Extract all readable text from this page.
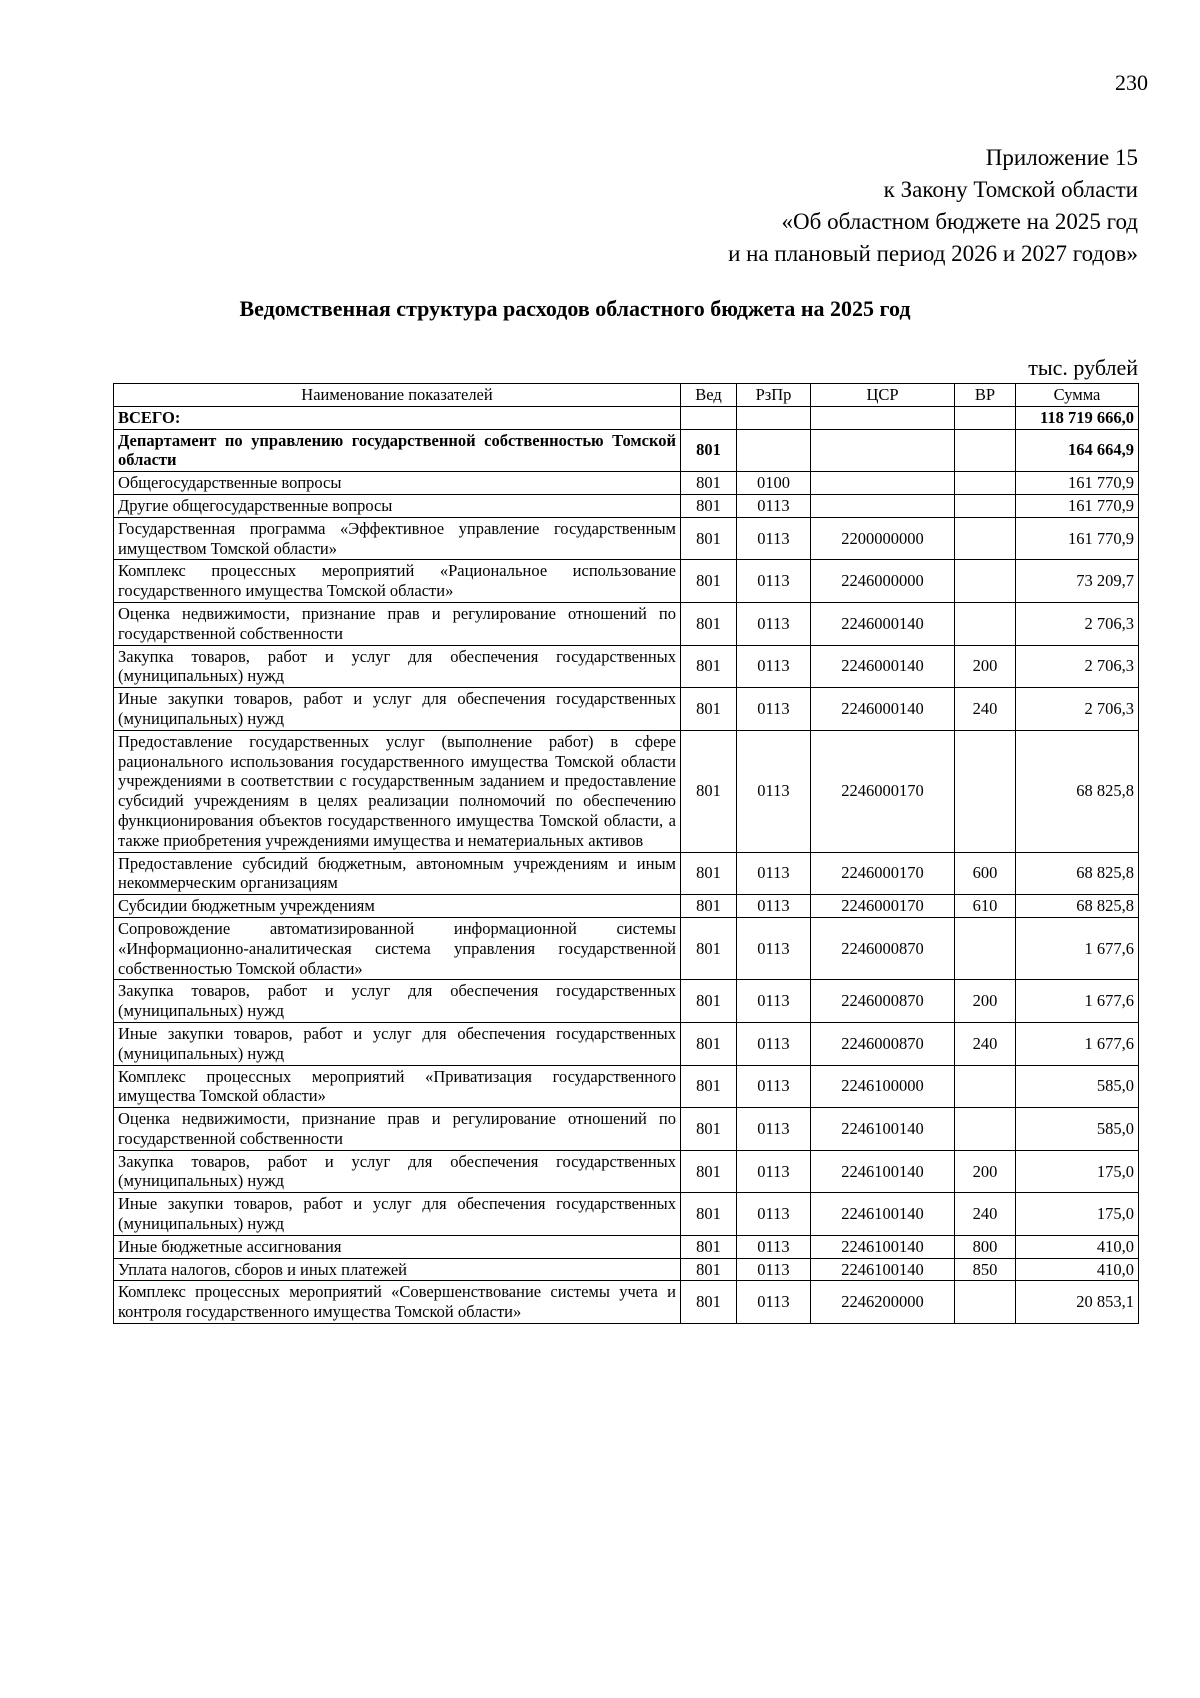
230
Приложение 15
к Закону Томской области
«Об областном бюджете на 2025 год
и на плановый период 2026 и 2027 годов»
Ведомственная структура расходов областного бюджета на 2025 год
тыс. рублей
Наименование показателей	Вед	РзПр	ЦСР	ВР	Сумма
ВСЕГО:					118 719 666,0
Департамент по управлению государственной собственностью Томской области	801				164 664,9
Общегосударственные вопросы	801	0100			161 770,9
Другие общегосударственные вопросы	801	0113			161 770,9
Государственная программа «Эффективное управление государственным имуществом Томской области»	801	0113	2200000000		161 770,9
Комплекс процессных мероприятий «Рациональное использование государственного имущества Томской области»	801	0113	2246000000		73 209,7
Оценка недвижимости, признание прав и регулирование отношений по государственной собственности	801	0113	2246000140		2 706,3
Закупка товаров, работ и услуг для обеспечения государственных (муниципальных) нужд	801	0113	2246000140	200	2 706,3
Иные закупки товаров, работ и услуг для обеспечения государственных (муниципальных) нужд	801	0113	2246000140	240	2 706,3
Предоставление государственных услуг (выполнение работ) в сфере рационального использования государственного имущества Томской области учреждениями в соответствии с государственным заданием и предоставление субсидий учреждениям в целях реализации полномочий по обеспечению функционирования объектов государственного имущества Томской области, а также приобретения учреждениями имущества и нематериальных активов	801	0113	2246000170		68 825,8
Предоставление субсидий бюджетным, автономным учреждениям и иным некоммерческим организациям	801	0113	2246000170	600	68 825,8
Субсидии бюджетным учреждениям	801	0113	2246000170	610	68 825,8
Сопровождение автоматизированной информационной системы «Информационно-аналитическая система управления государственной собственностью Томской области»	801	0113	2246000870		1 677,6
Закупка товаров, работ и услуг для обеспечения государственных (муниципальных) нужд	801	0113	2246000870	200	1 677,6
Иные закупки товаров, работ и услуг для обеспечения государственных (муниципальных) нужд	801	0113	2246000870	240	1 677,6
Комплекс процессных мероприятий «Приватизация государственного имущества Томской области»	801	0113	2246100000		585,0
Оценка недвижимости, признание прав и регулирование отношений по государственной собственности	801	0113	2246100140		585,0
Закупка товаров, работ и услуг для обеспечения государственных (муниципальных) нужд	801	0113	2246100140	200	175,0
Иные закупки товаров, работ и услуг для обеспечения государственных (муниципальных) нужд	801	0113	2246100140	240	175,0
Иные бюджетные ассигнования	801	0113	2246100140	800	410,0
Уплата налогов, сборов и иных платежей	801	0113	2246100140	850	410,0
Комплекс процессных мероприятий «Совершенствование системы учета и контроля государственного имущества Томской области»	801	0113	2246200000		20 853,1
